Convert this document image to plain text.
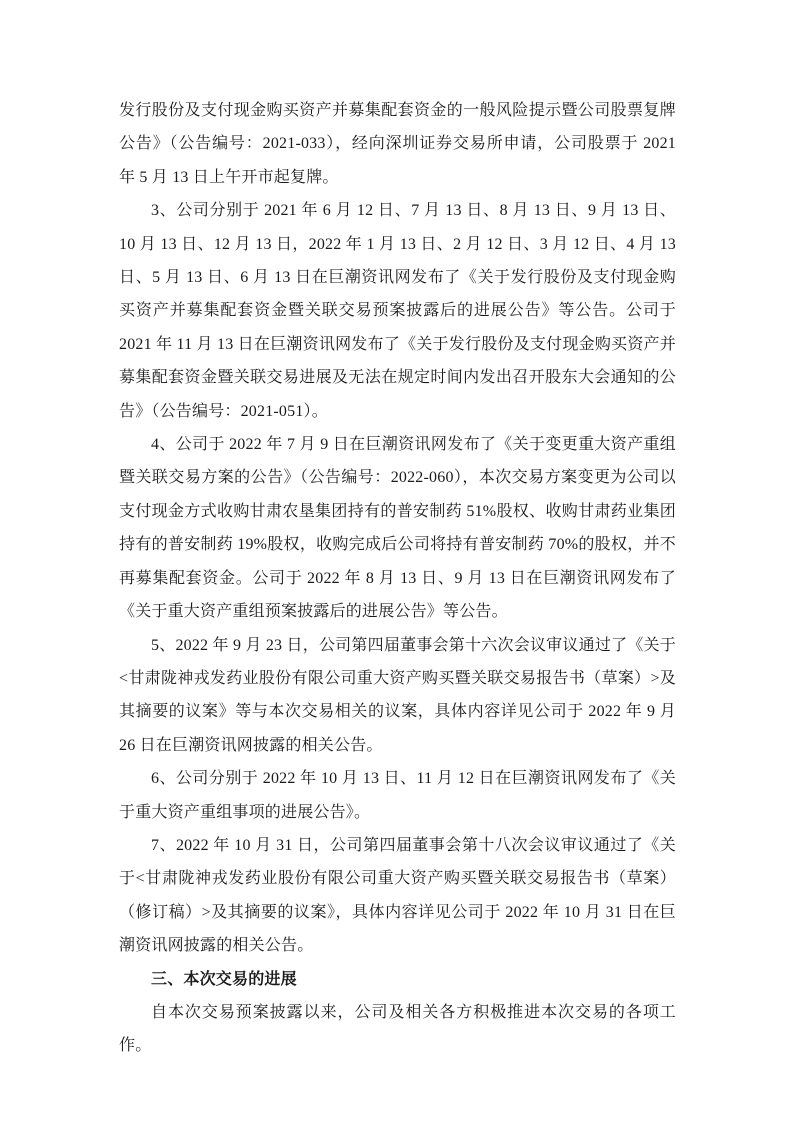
发行股份及支付现金购买资产并募集配套资金的一般风险提示暨公司股票复牌公告》（公告编号：2021-033），经向深圳证券交易所申请，公司股票于 2021 年 5 月 13 日上午开市起复牌。

3、公司分别于 2021 年 6 月 12 日、7 月 13 日、8 月 13 日、9 月 13 日、10 月 13 日、12 月 13 日，2022 年 1 月 13 日、2 月 12 日、3 月 12 日、4 月 13 日、5 月 13 日、6 月 13 日在巨潮资讯网发布了《关于发行股份及支付现金购买资产并募集配套资金暨关联交易预案披露后的进展公告》等公告。公司于 2021 年 11 月 13 日在巨潮资讯网发布了《关于发行股份及支付现金购买资产并募集配套资金暨关联交易进展及无法在规定时间内发出召开股东大会通知的公告》（公告编号：2021-051）。

4、公司于 2022 年 7 月 9 日在巨潮资讯网发布了《关于变更重大资产重组暨关联交易方案的公告》（公告编号：2022-060），本次交易方案变更为公司以支付现金方式收购甘肃农垦集团持有的普安制药 51%股权、收购甘肃药业集团持有的普安制药 19%股权，收购完成后公司将持有普安制药 70%的股权，并不再募集配套资金。公司于 2022 年 8 月 13 日、9 月 13 日在巨潮资讯网发布了《关于重大资产重组预案披露后的进展公告》等公告。

5、2022 年 9 月 23 日，公司第四届董事会第十六次会议审议通过了《关于<甘肃陇神戎发药业股份有限公司重大资产购买暨关联交易报告书（草案）>及其摘要的议案》等与本次交易相关的议案，具体内容详见公司于 2022 年 9 月 26 日在巨潮资讯网披露的相关公告。

6、公司分别于 2022 年 10 月 13 日、11 月 12 日在巨潮资讯网发布了《关于重大资产重组事项的进展公告》。

7、2022 年 10 月 31 日，公司第四届董事会第十八次会议审议通过了《关于<甘肃陇神戎发药业股份有限公司重大资产购买暨关联交易报告书（草案）（修订稿）>及其摘要的议案》，具体内容详见公司于 2022 年 10 月 31 日在巨潮资讯网披露的相关公告。

三、本次交易的进展

自本次交易预案披露以来，公司及相关各方积极推进本次交易的各项工作。
